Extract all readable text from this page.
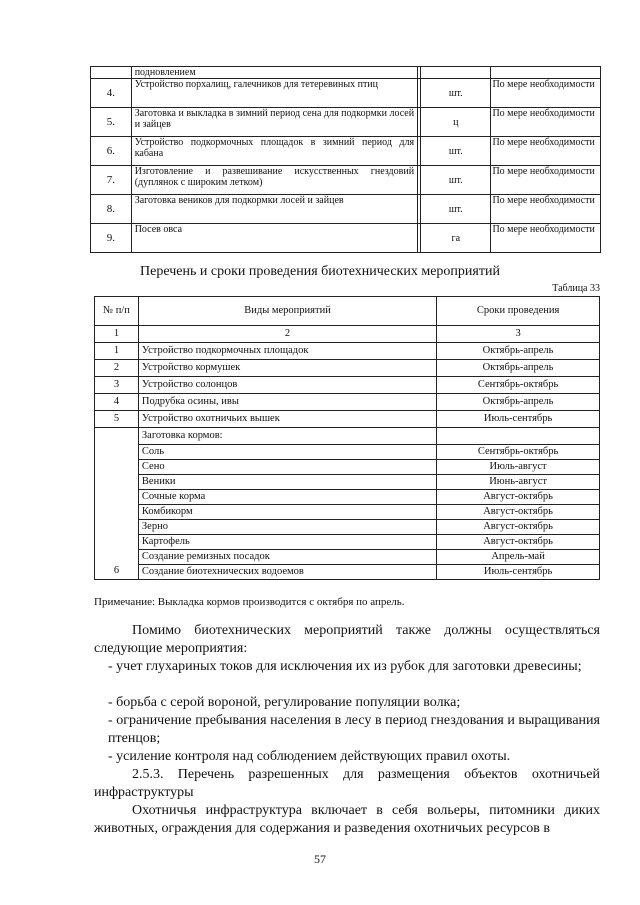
	подновлением			
4.	Устройство порхалищ, галечников для тетеревиных птиц		шт.	По мере необходимости
5.	Заготовка и выкладка в зимний период сена для подкормки лосей и зайцев		ц	По мере необходимости
6.	Устройство подкормочных площадок в зимний период для кабана		шт.	По мере необходимости
7.	Изготовление и развешивание искусственных гнездовий (дуплянок с широким летком)		шт.	По мере необходимости
8.	Заготовка веников для подкормки лосей и зайцев		шт.	По мере необходимости
9.	Посев овса		га	По мере необходимости
Перечень и сроки проведения биотехнических мероприятий
Таблица 33
№ п/п	Виды мероприятий	Сроки проведения
1	2	3
1	Устройство подкормочных площадок	Октябрь-апрель
2	Устройство кормушек	Октябрь-апрель
3	Устройство солонцов	Сентябрь-октябрь
4	Подрубка осины, ивы	Октябрь-апрель
5	Устройство охотничьих вышек	Июль-сентябрь
6	Заготовка кормов:	
	Соль	Сентябрь-октябрь
	Сено	Июль-август
	Веники	Июнь-август
	Сочные корма	Август-октябрь
	Комбикорм	Август-октябрь
	Зерно	Август-октябрь
	Картофель	Август-октябрь
	Создание ремизных посадок	Апрель-май
	Создание биотехнических водоемов	Июль-сентябрь
Примечание: Выкладка кормов производится с октября по апрель.
Помимо биотехнических мероприятий также должны осуществляться следующие мероприятия:
- учет глухариных токов для исключения их из рубок для заготовки древесины;
- борьба с серой вороной, регулирование популяции волка;
- ограничение пребывания населения в лесу в период гнездования и выращивания птенцов;
- усиление контроля над соблюдением действующих правил охоты.
2.5.3. Перечень разрешенных для размещения объектов охотничьей инфраструктуры
Охотничья инфраструктура включает в себя вольеры, питомники диких животных, ограждения для содержания и разведения охотничьих ресурсов в
57
